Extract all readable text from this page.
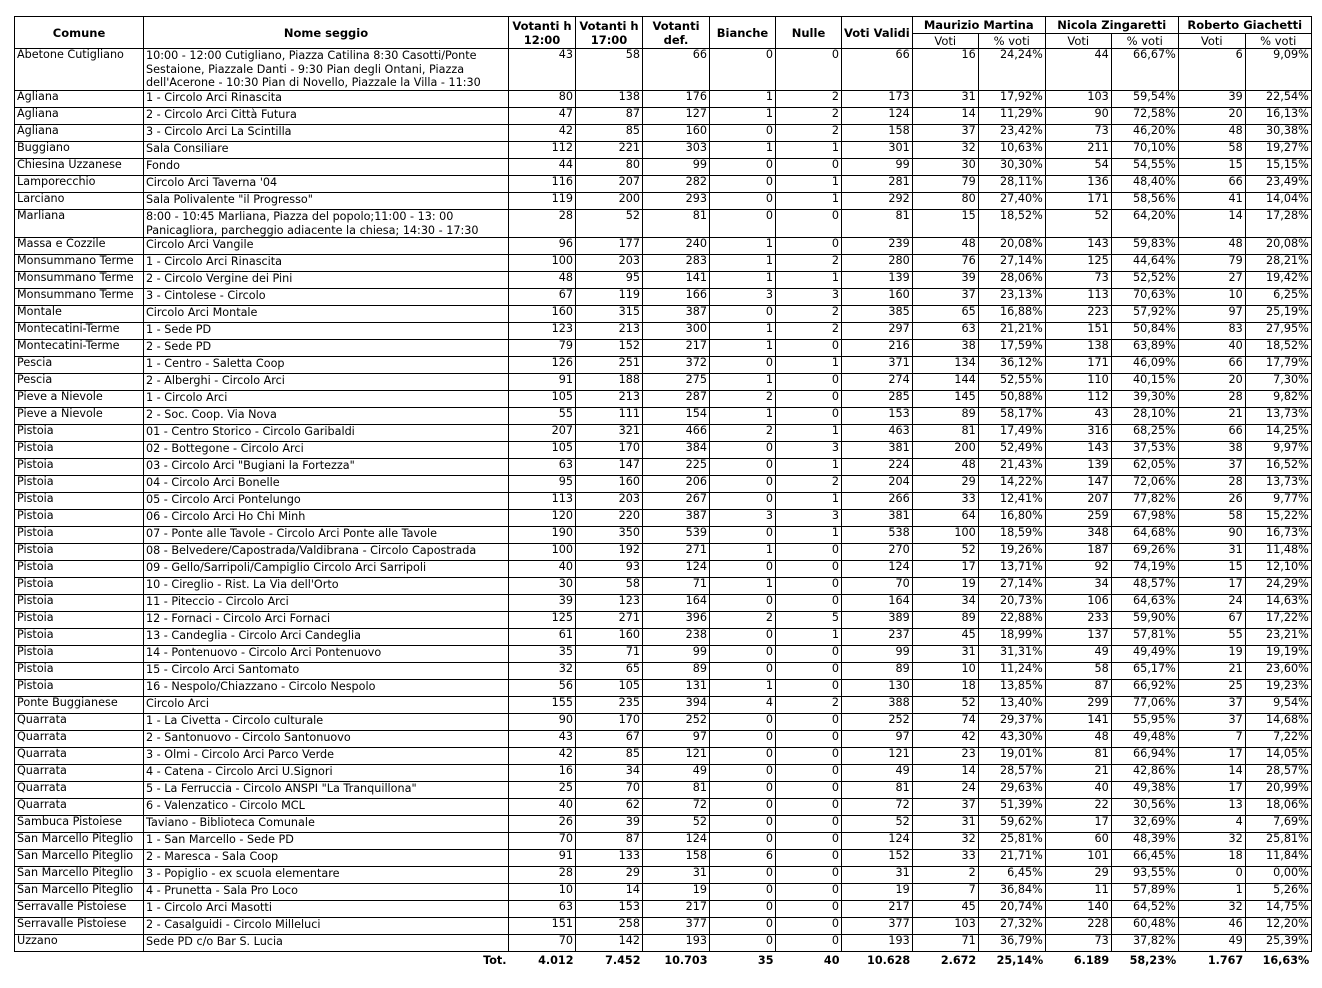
Comune	Nome seggio	Votanti h 12:00	Votanti h 17:00	Votanti def.	Bianche	Nulle	Voti Validi	Maurizio Martina		Nicola Zingaretti		Roberto Giachetti	
								Voti	% voti	Voti	% voti	Voti	% voti
Abetone Cutigliano	10:00 - 12:00 Cutigliano, Piazza Catilina 8:30 Casotti/Ponte Sestaione, Piazzale Danti - 9:30 Pian degli Ontani, Piazza dell'Acerone - 10:30 Pian di Novello, Piazzale la Villa - 11:30	43	58	66	0	0	66	16	24,24%	44	66,67%	6	9,09%
Agliana	1 - Circolo Arci Rinascita	80	138	176	1	2	173	31	17,92%	103	59,54%	39	22,54%
Agliana	2 - Circolo Arci Città Futura	47	87	127	1	2	124	14	11,29%	90	72,58%	20	16,13%
Agliana	3 - Circolo Arci La Scintilla	42	85	160	0	2	158	37	23,42%	73	46,20%	48	30,38%
Buggiano	Sala Consiliare	112	221	303	1	1	301	32	10,63%	211	70,10%	58	19,27%
Chiesina Uzzanese	Fondo	44	80	99	0	0	99	30	30,30%	54	54,55%	15	15,15%
Lamporecchio	Circolo Arci Taverna '04	116	207	282	0	1	281	79	28,11%	136	48,40%	66	23,49%
Larciano	Sala Polivalente "il Progresso"	119	200	293	0	1	292	80	27,40%	171	58,56%	41	14,04%
Marliana	8:00 - 10:45 Marliana, Piazza del popolo;11:00 - 13: 00 Panicagliora, parcheggio adiacente la chiesa; 14:30 - 17:30	28	52	81	0	0	81	15	18,52%	52	64,20%	14	17,28%
Massa e Cozzile	Circolo Arci Vangile	96	177	240	1	0	239	48	20,08%	143	59,83%	48	20,08%
Monsummano Terme	1 - Circolo Arci Rinascita	100	203	283	1	2	280	76	27,14%	125	44,64%	79	28,21%
Monsummano Terme	2 - Circolo Vergine dei Pini	48	95	141	1	1	139	39	28,06%	73	52,52%	27	19,42%
Monsummano Terme	3 - Cintolese - Circolo	67	119	166	3	3	160	37	23,13%	113	70,63%	10	6,25%
Montale	Circolo Arci Montale	160	315	387	0	2	385	65	16,88%	223	57,92%	97	25,19%
Montecatini-Terme	1 - Sede PD	123	213	300	1	2	297	63	21,21%	151	50,84%	83	27,95%
Montecatini-Terme	2 - Sede PD	79	152	217	1	0	216	38	17,59%	138	63,89%	40	18,52%
Pescia	1 - Centro - Saletta Coop	126	251	372	0	1	371	134	36,12%	171	46,09%	66	17,79%
Pescia	2 - Alberghi - Circolo Arci	91	188	275	1	0	274	144	52,55%	110	40,15%	20	7,30%
Pieve a Nievole	1 - Circolo Arci	105	213	287	2	0	285	145	50,88%	112	39,30%	28	9,82%
Pieve a Nievole	2 - Soc. Coop. Via Nova	55	111	154	1	0	153	89	58,17%	43	28,10%	21	13,73%
Pistoia	01 - Centro Storico - Circolo Garibaldi	207	321	466	2	1	463	81	17,49%	316	68,25%	66	14,25%
Pistoia	02 - Bottegone - Circolo Arci	105	170	384	0	3	381	200	52,49%	143	37,53%	38	9,97%
Pistoia	03 - Circolo Arci "Bugiani la Fortezza"	63	147	225	0	1	224	48	21,43%	139	62,05%	37	16,52%
Pistoia	04 - Circolo Arci Bonelle	95	160	206	0	2	204	29	14,22%	147	72,06%	28	13,73%
Pistoia	05 - Circolo Arci Pontelungo	113	203	267	0	1	266	33	12,41%	207	77,82%	26	9,77%
Pistoia	06 - Circolo Arci Ho Chi Minh	120	220	387	3	3	381	64	16,80%	259	67,98%	58	15,22%
Pistoia	07 - Ponte alle Tavole - Circolo Arci Ponte alle Tavole	190	350	539	0	1	538	100	18,59%	348	64,68%	90	16,73%
Pistoia	08 - Belvedere/Capostrada/Valdibrana - Circolo Capostrada	100	192	271	1	0	270	52	19,26%	187	69,26%	31	11,48%
Pistoia	09 - Gello/Sarripoli/Campiglio Circolo Arci Sarripoli	40	93	124	0	0	124	17	13,71%	92	74,19%	15	12,10%
Pistoia	10 - Cireglio - Rist. La Via dell'Orto	30	58	71	1	0	70	19	27,14%	34	48,57%	17	24,29%
Pistoia	11 - Piteccio - Circolo Arci	39	123	164	0	0	164	34	20,73%	106	64,63%	24	14,63%
Pistoia	12 - Fornaci - Circolo Arci Fornaci	125	271	396	2	5	389	89	22,88%	233	59,90%	67	17,22%
Pistoia	13 - Candeglia - Circolo Arci Candeglia	61	160	238	0	1	237	45	18,99%	137	57,81%	55	23,21%
Pistoia	14 - Pontenuovo - Circolo Arci Pontenuovo	35	71	99	0	0	99	31	31,31%	49	49,49%	19	19,19%
Pistoia	15 - Circolo Arci Santomato	32	65	89	0	0	89	10	11,24%	58	65,17%	21	23,60%
Pistoia	16 - Nespolo/Chiazzano - Circolo Nespolo	56	105	131	1	0	130	18	13,85%	87	66,92%	25	19,23%
Ponte Buggianese	Circolo Arci	155	235	394	4	2	388	52	13,40%	299	77,06%	37	9,54%
Quarrata	1 - La Civetta - Circolo culturale	90	170	252	0	0	252	74	29,37%	141	55,95%	37	14,68%
Quarrata	2 - Santonuovo - Circolo Santonuovo	43	67	97	0	0	97	42	43,30%	48	49,48%	7	7,22%
Quarrata	3 - Olmi - Circolo Arci Parco Verde	42	85	121	0	0	121	23	19,01%	81	66,94%	17	14,05%
Quarrata	4 - Catena - Circolo Arci U.Signori	16	34	49	0	0	49	14	28,57%	21	42,86%	14	28,57%
Quarrata	5 - La Ferruccia - Circolo ANSPI "La Tranquillona"	25	70	81	0	0	81	24	29,63%	40	49,38%	17	20,99%
Quarrata	6 - Valenzatico - Circolo MCL	40	62	72	0	0	72	37	51,39%	22	30,56%	13	18,06%
Sambuca Pistoiese	Taviano - Biblioteca Comunale	26	39	52	0	0	52	31	59,62%	17	32,69%	4	7,69%
San Marcello Piteglio	1 - San Marcello - Sede PD	70	87	124	0	0	124	32	25,81%	60	48,39%	32	25,81%
San Marcello Piteglio	2 - Maresca - Sala Coop	91	133	158	6	0	152	33	21,71%	101	66,45%	18	11,84%
San Marcello Piteglio	3 - Popiglio - ex scuola elementare	28	29	31	0	0	31	2	6,45%	29	93,55%	0	0,00%
San Marcello Piteglio	4 - Prunetta - Sala Pro Loco	10	14	19	0	0	19	7	36,84%	11	57,89%	1	5,26%
Serravalle Pistoiese	1 - Circolo Arci Masotti	63	153	217	0	0	217	45	20,74%	140	64,52%	32	14,75%
Serravalle Pistoiese	2 - Casalguidi - Circolo Milleluci	151	258	377	0	0	377	103	27,32%	228	60,48%	46	12,20%
Uzzano	Sede PD c/o Bar S. Lucia	70	142	193	0	0	193	71	36,79%	73	37,82%	49	25,39%
	Tot.	4.012	7.452	10.703	35	40	10.628	2.672	25,14%	6.189	58,23%	1.767	16,63%
